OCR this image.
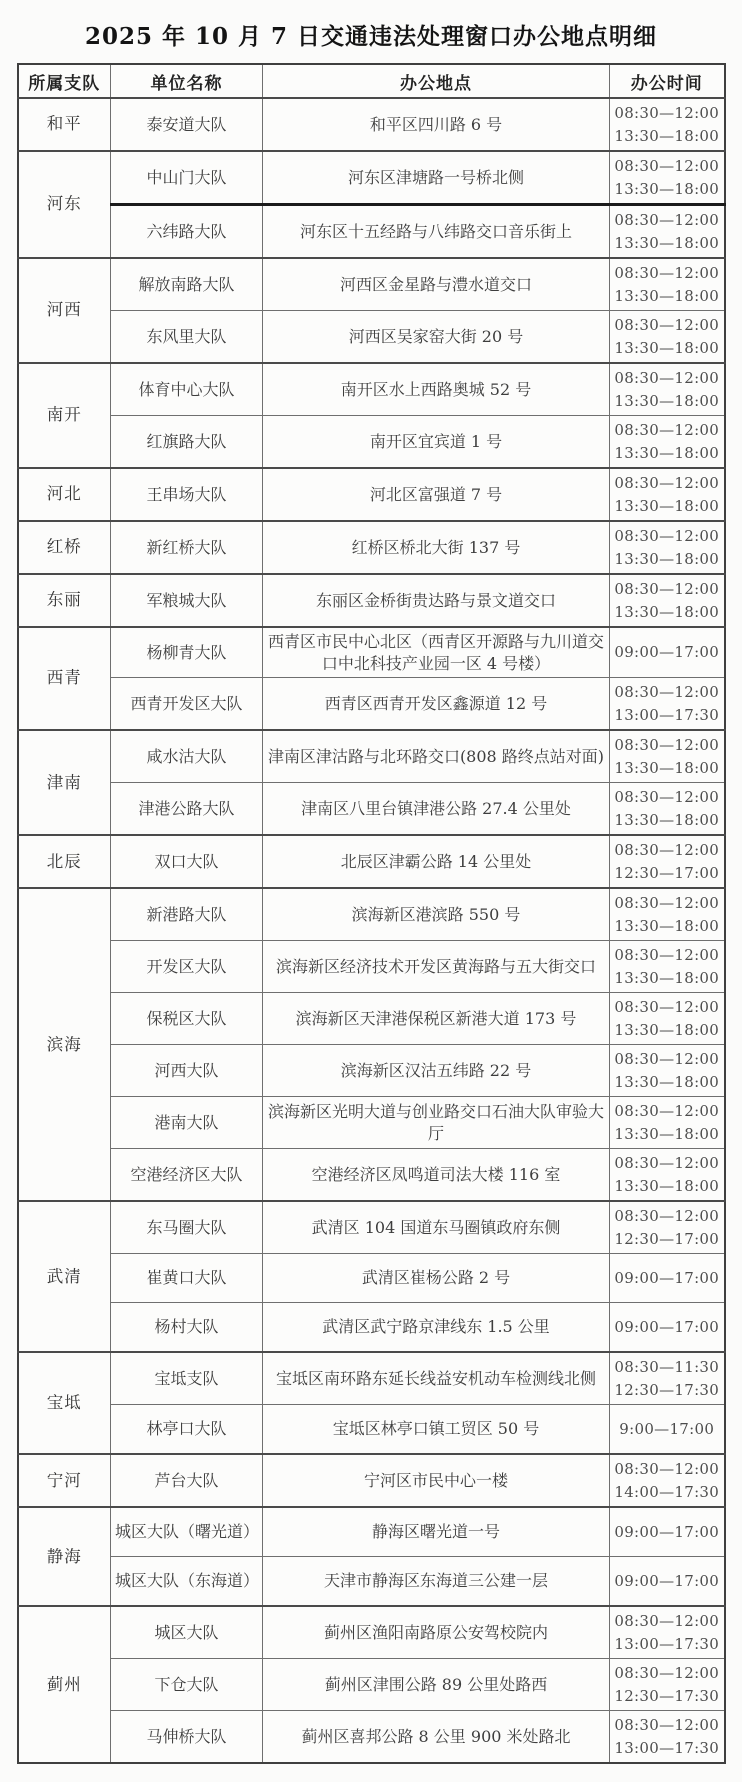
2025 年 10 月 7 日交通违法处理窗口办公地点明细
所属支队	单位名称	办公地点	办公时间
和平	泰安道大队	和平区四川路 6 号	08:30—12:00
13:30—18:00

河东	中山门大队	河东区津塘路一号桥北侧	08:30—12:00
13:30—18:00

	六纬路大队	河东区十五经路与八纬路交口音乐街上	08:30—12:00
13:30—18:00

河西	解放南路大队	河西区金星路与澧水道交口	08:30—12:00
13:30—18:00

	东风里大队	河西区吴家窑大街 20 号	08:30—12:00
13:30—18:00

南开	体育中心大队	南开区水上西路奥城 52 号	08:30—12:00
13:30—18:00

	红旗路大队	南开区宜宾道 1 号	08:30—12:00
13:30—18:00

河北	王串场大队	河北区富强道 7 号	08:30—12:00
13:30—18:00

红桥	新红桥大队	红桥区桥北大街 137 号	08:30—12:00
13:30—18:00

东丽	军粮城大队	东丽区金桥街贵达路与景文道交口	08:30—12:00
13:30—18:00

西青	杨柳青大队	西青区市民中心北区（西青区开源路与九川道交口中北科技产业园一区 4 号楼）	09:00—17:00

	西青开发区大队	西青区西青开发区鑫源道 12 号	08:30—12:00
13:00—17:30

津南	咸水沽大队	津南区津沽路与北环路交口(808 路终点站对面)	08:30—12:00
13:30—18:00

	津港公路大队	津南区八里台镇津港公路 27.4 公里处	08:30—12:00
13:30—18:00

北辰	双口大队	北辰区津霸公路 14 公里处	08:30—12:00
12:30—17:00

滨海	新港路大队	滨海新区港滨路 550 号	08:30—12:00
13:30—18:00

	开发区大队	滨海新区经济技术开发区黄海路与五大街交口	08:30—12:00
13:30—18:00

	保税区大队	滨海新区天津港保税区新港大道 173 号	08:30—12:00
13:30—18:00

	河西大队	滨海新区汉沽五纬路 22 号	08:30—12:00
13:30—18:00

	港南大队	滨海新区光明大道与创业路交口石油大队审验大厅	08:30—12:00
13:30—18:00

	空港经济区大队	空港经济区凤鸣道司法大楼 116 室	08:30—12:00
13:30—18:00

武清	东马圈大队	武清区 104 国道东马圈镇政府东侧	08:30—12:00
12:30—17:00

	崔黄口大队	武清区崔杨公路 2 号	09:00—17:00

	杨村大队	武清区武宁路京津线东 1.5 公里	09:00—17:00

宝坻	宝坻支队	宝坻区南环路东延长线益安机动车检测线北侧	08:30—11:30
12:30—17:30

	林亭口大队	宝坻区林亭口镇工贸区 50 号	9:00—17:00

宁河	芦台大队	宁河区市民中心一楼	08:30—12:00
14:00—17:30

静海	城区大队（曙光道）	静海区曙光道一号	09:00—17:00

	城区大队（东海道）	天津市静海区东海道三公建一层	09:00—17:00

蓟州	城区大队	蓟州区渔阳南路原公安驾校院内	08:30—12:00
13:00—17:30

	下仓大队	蓟州区津围公路 89 公里处路西	08:30—12:00
12:30—17:30

	马伸桥大队	蓟州区喜邦公路 8 公里 900 米处路北	08:30—12:00
13:00—17:30
